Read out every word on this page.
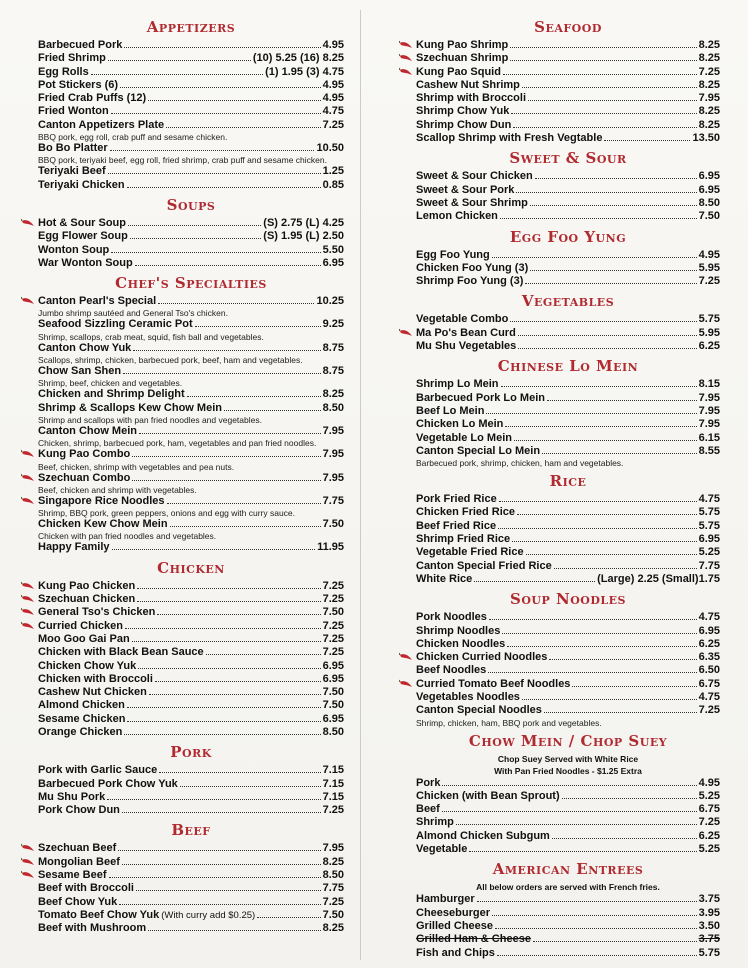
Appetizers
Barbecued Pork	4.95
Fried Shrimp	(10) 5.25 (16) 8.25
Egg Rolls	(1) 1.95 (3) 4.75
Pot Stickers (6)	4.95
Fried Crab Puffs (12)	4.95
Fried Wonton	4.75
Canton Appetizers Plate	7.25
BBQ pork, egg roll, crab puff and sesame chicken.
Bo Bo Platter	10.50
BBQ pork, teriyaki beef, egg roll, fried shrimp, crab puff and sesame chicken.
Teriyaki Beef	1.25
Teriyaki Chicken	0.85
Soups
Hot & Sour Soup	(S) 2.75 (L) 4.25
Egg Flower Soup	(S) 1.95 (L) 2.50
Wonton Soup	5.50
War Wonton Soup	6.95
Chef's Specialties
Canton Pearl's Special	10.25
Jumbo shrimp sautéed and General Tso's chicken.
Seafood Sizzling Ceramic Pot	9.25
Shrimp, scallops, crab meat, squid, fish ball and vegetables.
Canton Chow Yuk	8.75
Scallops, shrimp, chicken, barbecued pork, beef, ham and vegetables.
Chow San Shen	8.75
Shrimp, beef, chicken and vegetables.
Chicken and Shrimp Delight	8.25
Shrimp & Scallops Kew Chow Mein	8.50
Shrimp and scallops with pan fried noodles and vegetables.
Canton Chow Mein	7.95
Chicken, shrimp, barbecued pork, ham, vegetables and pan fried noodles.
Kung Pao Combo	7.95
Beef, chicken, shrimp with vegetables and pea nuts.
Szechuan Combo	7.95
Beef, chicken and shrimp with vegetables.
Singapore Rice Noodles	7.75
Shrimp, BBQ pork, green peppers, onions and egg with curry sauce.
Chicken Kew Chow Mein	7.50
Chicken with pan fried noodles and vegetables.
Happy Family	11.95
Chicken
Kung Pao Chicken	7.25
Szechuan Chicken	7.25
General Tso's Chicken	7.50
Curried Chicken	7.25
Moo Goo Gai Pan	7.25
Chicken with Black Bean Sauce	7.25
Chicken Chow Yuk	6.95
Chicken with Broccoli	6.95
Cashew Nut Chicken	7.50
Almond Chicken	7.50
Sesame Chicken	6.95
Orange Chicken	8.50
Pork
Pork with Garlic Sauce	7.15
Barbecued Pork Chow Yuk	7.15
Mu Shu Pork	7.15
Pork Chow Dun	7.25
Beef
Szechuan Beef	7.95
Mongolian Beef	8.25
Sesame Beef	8.50
Beef with Broccoli	7.75
Beef Chow Yuk	7.25
Tomato Beef Chow Yuk (With curry add $0.25)	7.50
Beef with Mushroom	8.25
Seafood
Kung Pao Shrimp	8.25
Szechuan Shrimp	8.25
Kung Pao Squid	7.25
Cashew Nut Shrimp	8.25
Shrimp with Broccoli	7.95
Shrimp Chow Yuk	8.25
Shrimp Chow Dun	8.25
Scallop Shrimp with Fresh Vegtable	13.50
Sweet & Sour
Sweet & Sour Chicken	6.95
Sweet & Sour Pork	6.95
Sweet & Sour Shrimp	8.50
Lemon Chicken	7.50
Egg Foo Yung
Egg Foo Yung	4.95
Chicken Foo Yung (3)	5.95
Shrimp Foo Yung (3)	7.25
Vegetables
Vegetable Combo	5.75
Ma Po's Bean Curd	5.95
Mu Shu Vegetables	6.25
Chinese Lo Mein
Shrimp Lo Mein	8.15
Barbecued Pork Lo Mein	7.95
Beef Lo Mein	7.95
Chicken Lo Mein	7.95
Vegetable Lo Mein	6.15
Canton Special Lo Mein	8.55
Barbecued pork, shrimp, chicken, ham and vegetables.
Rice
Pork Fried Rice	4.75
Chicken Fried Rice	5.75
Beef Fried Rice	5.75
Shrimp Fried Rice	6.95
Vegetable Fried Rice	5.25
Canton Special Fried Rice	7.75
White Rice	(Large) 2.25 (Small)1.75
Soup Noodles
Pork Noodles	4.75
Shrimp Noodles	6.95
Chicken Noodles	6.25
Chicken Curried Noodles	6.35
Beef Noodles	6.50
Curried Tomato Beef Noodles	6.75
Vegetables Noodles	4.75
Canton Special Noodles	7.25
Shrimp, chicken, ham, BBQ pork and vegetables.
Chow Mein / Chop Suey
Chop Suey Served with White Rice
With Pan Fried Noodles - $1.25 Extra
Pork	4.95
Chicken (with Bean Sprout)	5.25
Beef	6.75
Shrimp	7.25
Almond Chicken Subgum	6.25
Vegetable	5.25
American Entrees
All below orders are served with French fries.
Hamburger	3.75
Cheeseburger	3.95
Grilled Cheese	3.50
Grilled Ham & Cheese	3.75
Fish and Chips	5.75
